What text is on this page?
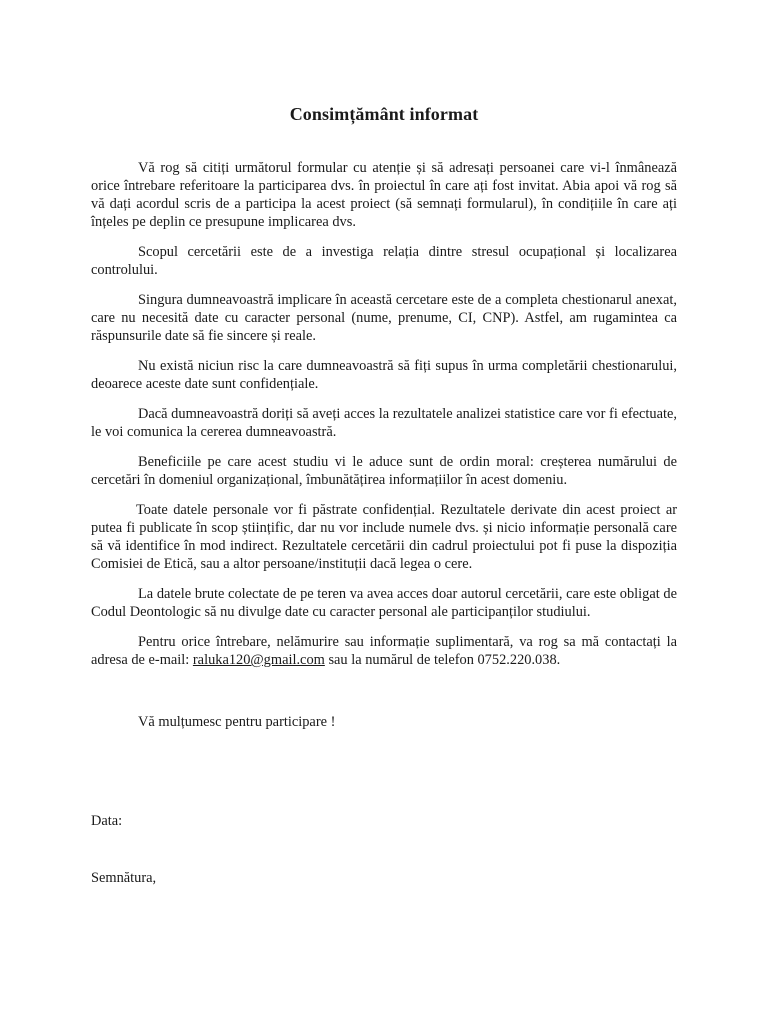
Consimțământ informat

Vă rog să citiți următorul formular cu atenție și să adresați persoanei care vi-l înmânează orice întrebare referitoare la participarea dvs. în proiectul în care ați fost invitat. Abia apoi vă rog să vă dați acordul scris de a participa la acest proiect (să semnați formularul), în condițiile în care ați înțeles pe deplin ce presupune implicarea dvs.

Scopul cercetării este de a investiga relația dintre stresul ocupațional și localizarea controlului.

Singura dumneavoastră implicare în această cercetare este de a completa chestionarul anexat, care nu necesită date cu caracter personal (nume, prenume, CI, CNP). Astfel, am rugamintea ca răspunsurile date să fie sincere și reale.

Nu există niciun risc la care dumneavoastră să fiți supus în urma completării chestionarului, deoarece aceste date sunt confidențiale.

Dacă dumneavoastră doriți să aveți acces la rezultatele analizei statistice care vor fi efectuate, le voi comunica la cererea dumneavoastră.

Beneficiile pe care acest studiu vi le aduce sunt de ordin moral: creșterea numărului de cercetări în domeniul organizațional, îmbunătățirea informațiilor în acest domeniu.

Toate datele personale vor fi păstrate confidențial. Rezultatele derivate din acest proiect ar putea fi publicate în scop științific, dar nu vor include numele dvs. și nicio informație personală care să vă identifice în mod indirect. Rezultatele cercetării din cadrul proiectului pot fi puse la dispoziția Comisiei de Etică, sau a altor persoane/instituții dacă legea o cere.

La datele brute colectate de pe teren va avea acces doar autorul cercetării, care este obligat de Codul Deontologic să nu divulge date cu caracter personal ale participanților studiului.

Pentru orice întrebare, nelămurire sau informație suplimentară, va rog sa mă contactați la adresa de e-mail: raluka120@gmail.com sau la numărul de telefon 0752.220.038.

Vă mulțumesc pentru participare !

Data:

Semnătura,
